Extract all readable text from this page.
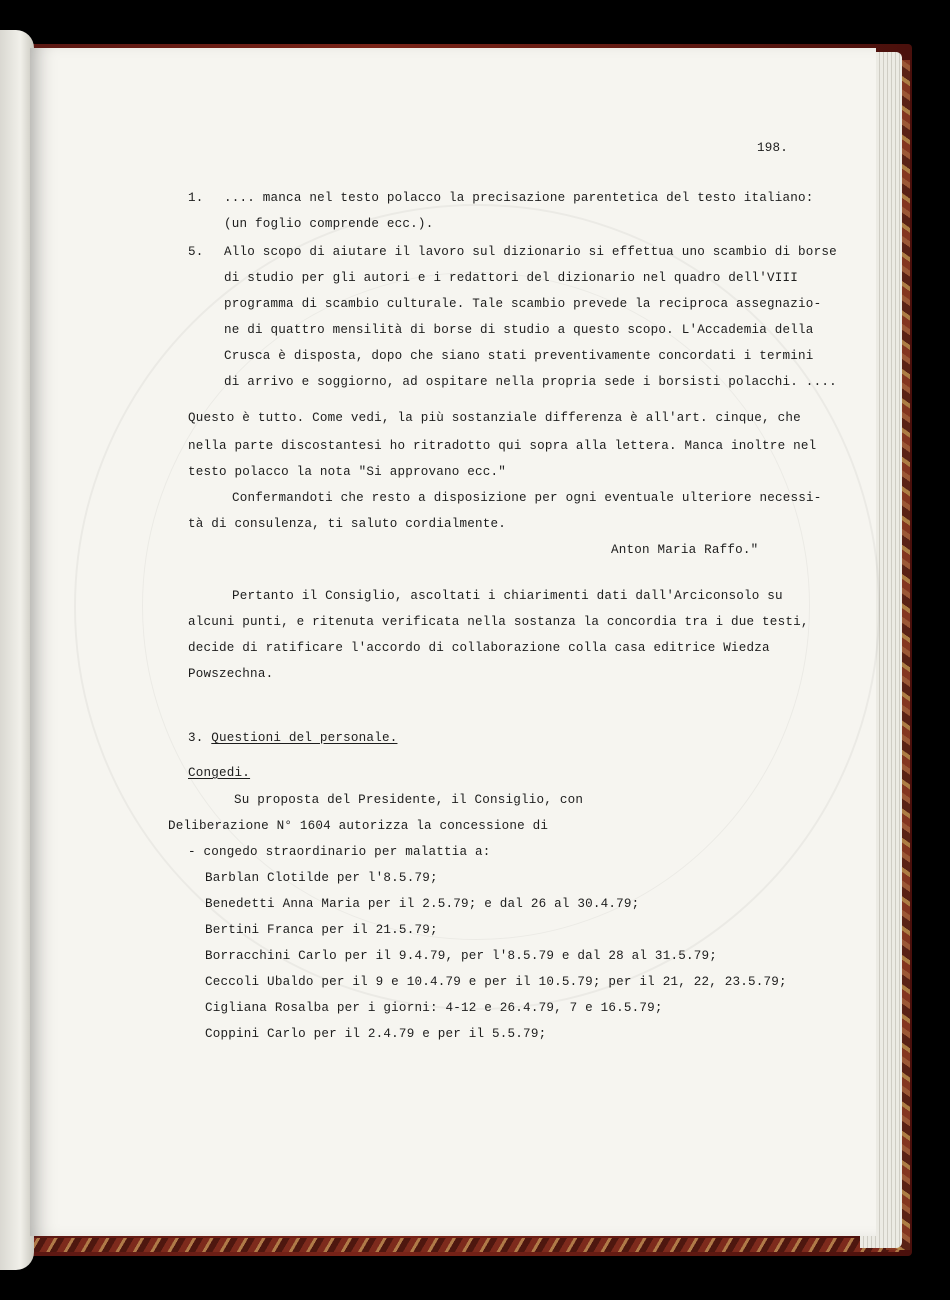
198.

1. .... manca nel testo polacco la precisazione parentetica del testo italiano:

(un foglio comprende ecc.).

5. Allo scopo di aiutare il lavoro sul dizionario si effettua uno scambio di borse

di studio per gli autori e i redattori del dizionario nel quadro dell'VIII

programma di scambio culturale. Tale scambio prevede la reciproca assegnazio-

ne di quattro mensilità di borse di studio a questo scopo. L'Accademia della

Crusca è disposta, dopo che siano stati preventivamente concordati i termini

di arrivo e soggiorno, ad ospitare nella propria sede i borsisti polacchi. ....

Questo è tutto. Come vedi, la più sostanziale differenza è all'art. cinque, che

nella parte discostantesi ho ritradotto qui sopra alla lettera. Manca inoltre nel

testo polacco la nota "Si approvano ecc."

Confermandoti che resto a disposizione per ogni eventuale ulteriore necessi-

tà di consulenza, ti saluto cordialmente.

Anton Maria Raffo."

Pertanto il Consiglio, ascoltati i chiarimenti dati dall'Arciconsolo su

alcuni punti, e ritenuta verificata nella sostanza la concordia tra i due testi,

decide di ratificare l'accordo di collaborazione colla casa editrice Wiedza

Powszechna.

3. Questioni del personale.

Congedi.

Su proposta del Presidente, il Consiglio, con

Deliberazione N° 1604 autorizza la concessione di

- congedo straordinario per malattia a:

Barblan Clotilde per l'8.5.79;

Benedetti Anna Maria per il 2.5.79; e dal 26 al 30.4.79;

Bertini Franca per il 21.5.79;

Borracchini Carlo per il 9.4.79, per l'8.5.79 e dal 28 al 31.5.79;

Ceccoli Ubaldo per il 9 e 10.4.79 e per il 10.5.79; per il 21, 22, 23.5.79;

Cigliana Rosalba per i giorni: 4-12 e 26.4.79, 7 e 16.5.79;

Coppini Carlo per il 2.4.79 e per il 5.5.79;
